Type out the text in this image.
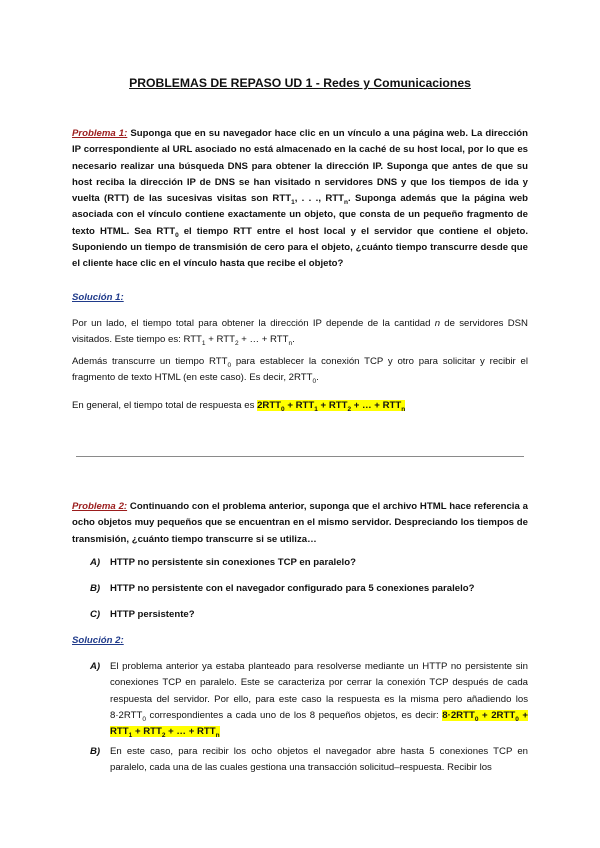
PROBLEMAS DE REPASO UD 1 - Redes y Comunicaciones
Problema 1: Suponga que en su navegador hace clic en un vínculo a una página web. La dirección IP correspondiente al URL asociado no está almacenado en la caché de su host local, por lo que es necesario realizar una búsqueda DNS para obtener la dirección IP. Suponga que antes de que su host reciba la dirección IP de DNS se han visitado n servidores DNS y que los tiempos de ida y vuelta (RTT) de las sucesivas visitas son $RTT_1$, . . ., $RTT_n$. Suponga además que la página web asociada con el vínculo contiene exactamente un objeto, que consta de un pequeño fragmento de texto HTML. Sea $RTT_0$ el tiempo RTT entre el host local y el servidor que contiene el objeto. Suponiendo un tiempo de transmisión de cero para el objeto, ¿cuánto tiempo transcurre desde que el cliente hace clic en el vínculo hasta que recibe el objeto?
Solución 1:
Por un lado, el tiempo total para obtener la dirección IP depende de la cantidad n de servidores DSN visitados. Este tiempo es: $RTT_1 + RTT_2$ + … + $RTT_n$.
Además transcurre un tiempo $RTT_0$ para establecer la conexión TCP y otro para solicitar y recibir el fragmento de texto HTML (en este caso). Es decir, $2RTT_0$.
En general, el tiempo total de respuesta es $2RTT_0 + RTT_1 + RTT_2$ + … + $RTT_n$
Problema 2: Continuando con el problema anterior, suponga que el archivo HTML hace referencia a ocho objetos muy pequeños que se encuentran en el mismo servidor. Despreciando los tiempos de transmisión, ¿cuánto tiempo transcurre si se utiliza…
A) HTTP no persistente sin conexiones TCP en paralelo?
B) HTTP no persistente con el navegador configurado para 5 conexiones paralelo?
C) HTTP persistente?
Solución 2:
A) El problema anterior ya estaba planteado para resolverse mediante un HTTP no persistente sin conexiones TCP en paralelo. Este se caracteriza por cerrar la conexión TCP después de cada respuesta del servidor. Por ello, para este caso la respuesta es la misma pero añadiendo los $8\cdot 2RTT_0$ correspondientes a cada uno de los 8 pequeños objetos, es decir: $8\cdot 2RTT_0 + 2RTT_0 + RTT_1 + RTT_2$ + … + $RTT_n$
B) En este caso, para recibir los ocho objetos el navegador abre hasta 5 conexiones TCP en paralelo, cada una de las cuales gestiona una transacción solicitud‒respuesta. Recibir los
